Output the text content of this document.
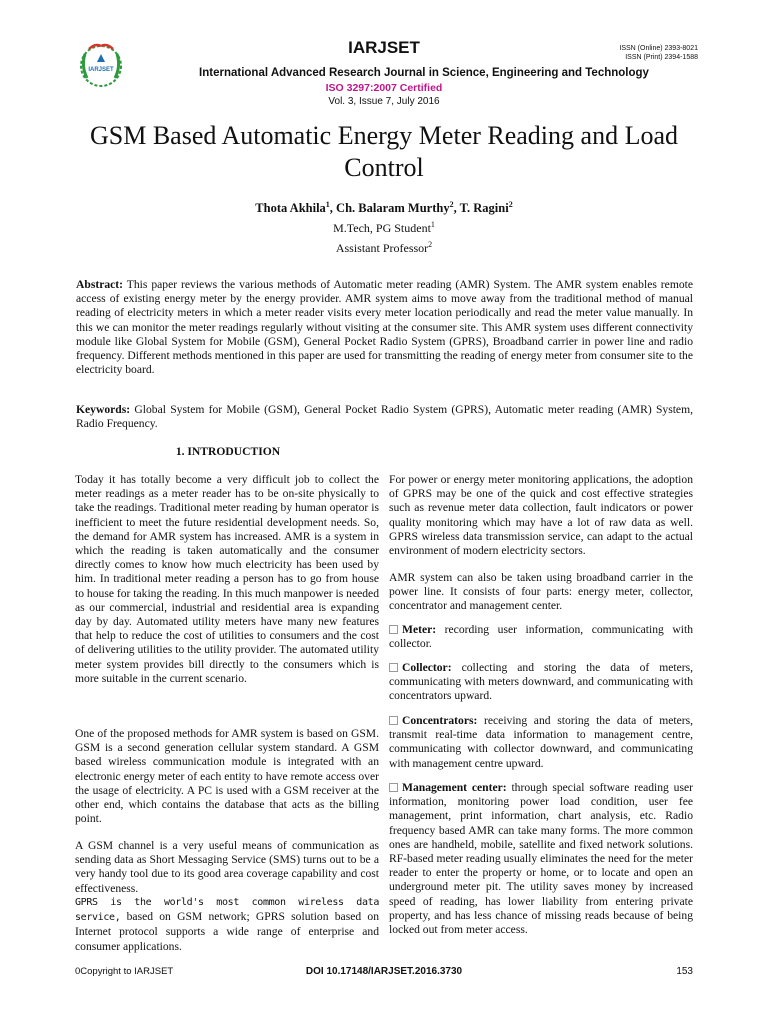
IARJSET
IARJSET	ISSN (Online) 2393-8021
ISSN (Print) 2394-1588
International Advanced Research Journal in Science, Engineering and Technology
ISO 3297:2007 Certified
Vol. 3, Issue 7, July 2016
GSM Based Automatic Energy Meter Reading and Load Control
Thota Akhila$^1$, Ch. Balaram Murthy$^2$, T. Ragini$^2$
M.Tech, PG Student$^1$
Assistant Professor$^2$
Abstract: This paper reviews the various methods of Automatic meter reading (AMR) System. The AMR system enables remote access of existing energy meter by the energy provider. AMR system aims to move away from the traditional method of manual reading of electricity meters in which a meter reader visits every meter location periodically and read the meter value manually. In this we can monitor the meter readings regularly without visiting at the consumer site. This AMR system uses different connectivity module like Global System for Mobile (GSM), General Pocket Radio System (GPRS), Broadband carrier in power line and radio frequency. Different methods mentioned in this paper are used for transmitting the reading of energy meter from consumer site to the electricity board.
Keywords: Global System for Mobile (GSM), General Pocket Radio System (GPRS), Automatic meter reading (AMR) System, Radio Frequency.
1. INTRODUCTION
Today it has totally become a very difficult job to collect the meter readings as a meter reader has to be on-site physically to take the readings. Traditional meter reading by human operator is inefficient to meet the future residential development needs. So, the demand for AMR system has increased. AMR is a system in which the reading is taken automatically and the consumer directly comes to know how much electricity has been used by him. In traditional meter reading a person has to go from house to house for taking the reading. In this much manpower is needed as our commercial, industrial and residential area is expanding day by day. Automated utility meters have many new features that help to reduce the cost of utilities to consumers and the cost of delivering utilities to the utility provider. The automated utility meter system provides bill directly to the consumers which is more suitable in the current scenario.
One of the proposed methods for AMR system is based on GSM. GSM is a second generation cellular system standard. A GSM based wireless communication module is integrated with an electronic energy meter of each entity to have remote access over the usage of electricity. A PC is used with a GSM receiver at the other end, which contains the database that acts as the billing point.
A GSM channel is a very useful means of communication as sending data as Short Messaging Service (SMS) turns out to be a very handy tool due to its good area coverage capability and cost effectiveness.
GPRS is the world's most common wireless data service, based on GSM network; GPRS solution based on Internet protocol supports a wide range of enterprise and consumer applications.
For power or energy meter monitoring applications, the adoption of GPRS may be one of the quick and cost effective strategies such as revenue meter data collection, fault indicators or power quality monitoring which may have a lot of raw data as well. GPRS wireless data transmission service, can adapt to the actual environment of modern electricity sectors.
AMR system can also be taken using broadband carrier in the power line. It consists of four parts: energy meter, collector, concentrator and management center.
Meter: recording user information, communicating with collector.
Collector: collecting and storing the data of meters, communicating with meters downward, and communicating with concentrators upward.
Concentrators: receiving and storing the data of meters, transmit real-time data information to management centre, communicating with collector downward, and communicating with management centre upward.
Management center: through special software reading user information, monitoring power load condition, user fee management, print information, chart analysis, etc. Radio frequency based AMR can take many forms. The more common ones are handheld, mobile, satellite and fixed network solutions. RF-based meter reading usually eliminates the need for the meter reader to enter the property or home, or to locate and open an underground meter pit. The utility saves money by increased speed of reading, has lower liability from entering private property, and has less chance of missing reads because of being locked out from meter access.
0Copyright to IARJSET	DOI 10.17148/IARJSET.2016.3730	153
